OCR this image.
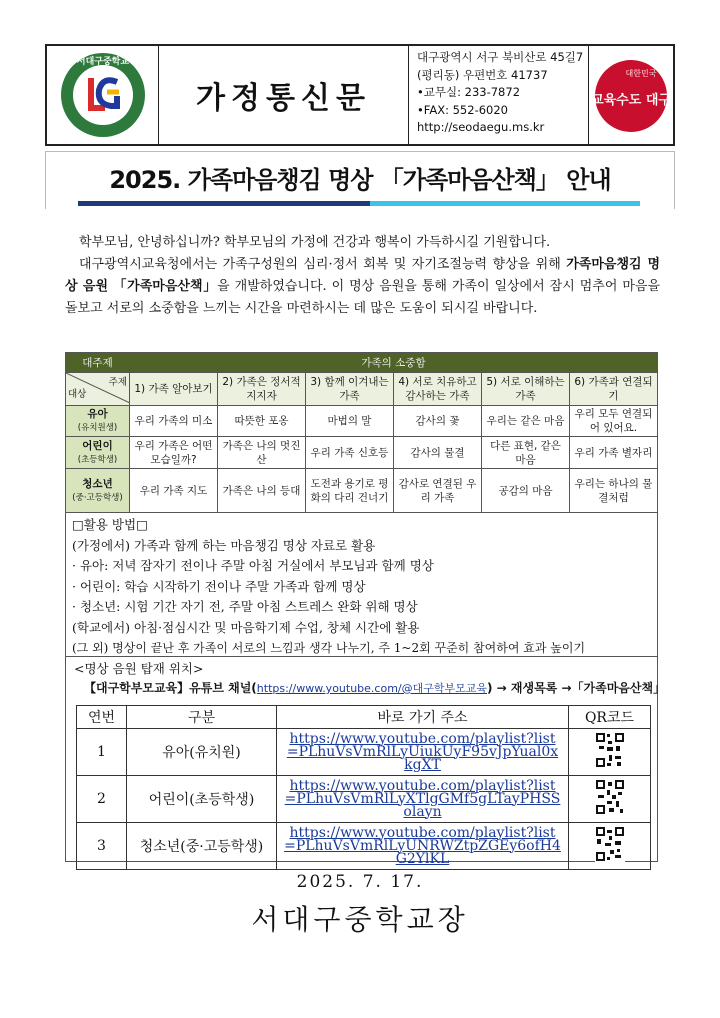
서대구중학교
가정통신문
대구광역시 서구 북비산로 45길7
(평리동) 우편번호 41737
•교무실: 233-7872
•FAX: 552-6020
http://seodaegu.ms.kr
대한민국
교육수도 대구
2025. 가족마음챙김 명상 「가족마음산책」 안내

학부모님, 안녕하십니까? 학부모님의 가정에 건강과 행복이 가득하시길 기원합니다.

대구광역시교육청에서는 가족구성원의 심리·정서 회복 및 자기조절능력 향상을 위해 가족마음챙김 명상 음원 「가족마음산책」을 개발하였습니다. 이 명상 음원을 통해 가족이 일상에서 잠시 멈추어 마음을 돌보고 서로의 소중함을 느끼는 시간을 마련하시는 데 많은 도움이 되시길 바랍니다.

대주제	가족의 소중함					

주제
대상	1) 가족 알아보기	2) 가족은 정서적 지지자	3) 함께 이겨내는 가족	4) 서로 치유하고 감사하는 가족	5) 서로 이해하는 가족	6) 가족과 연결되기
유아
(유치원생)	우리 가족의 미소	따뜻한 포옹	마법의 말	감사의 꽃	우리는 같은 마음	우리 모두 연결되어 있어요.
어린이
(초등학생)	우리 가족은 어떤 모습일까?	가족은 나의 멋진 산	우리 가족 신호등	감사의 물결	다른 표현, 같은 마음	우리 가족 별자리
청소년
(중·고등학생)	우리 가족 지도	가족은 나의 등대	도전과 용기로 평화의 다리 건너기	감사로 연결된 우리 가족	공감의 마음	우리는 하나의 물결처럼
□활용 방법□
(가정에서) 가족과 함께 하는 마음챙김 명상 자료로 활용
· 유아: 저녁 잠자기 전이나 주말 아침 거실에서 부모님과 함께 명상
· 어린이: 학습 시작하기 전이나 주말 가족과 함께 명상
· 청소년: 시험 기간 자기 전, 주말 아침 스트레스 완화 위해 명상
(학교에서) 아침·점심시간 및 마음학기제 수업, 창체 시간에 활용
(그 외) 명상이 끝난 후 가족이 서로의 느낌과 생각 나누기, 주 1~2회 꾸준히 참여하여 효과 높이기
<명상 음원 탑재 위치>
【대구학부모교육】유튜브 채널(https://www.youtube.com/@대구학부모교육) → 재생목록 →「가족마음산책」
연번	구분	바로 가기 주소	QR코드
1	유아(유치원)	https://www.youtube.com/playlist?list=PLhuVsVmRlLyUiukUyF95vJpYual0xkgXT

2	어린이(초등학생)	https://www.youtube.com/playlist?list=PLhuVsVmRlLyXTlgGMf5gLTayPHSSolayn

3	청소년(중·고등학생)	https://www.youtube.com/playlist?list=PLhuVsVmRlLyUNRWZtpZGEy6ofH4G2YlKL

2025. 7. 17.
서대구중학교장
